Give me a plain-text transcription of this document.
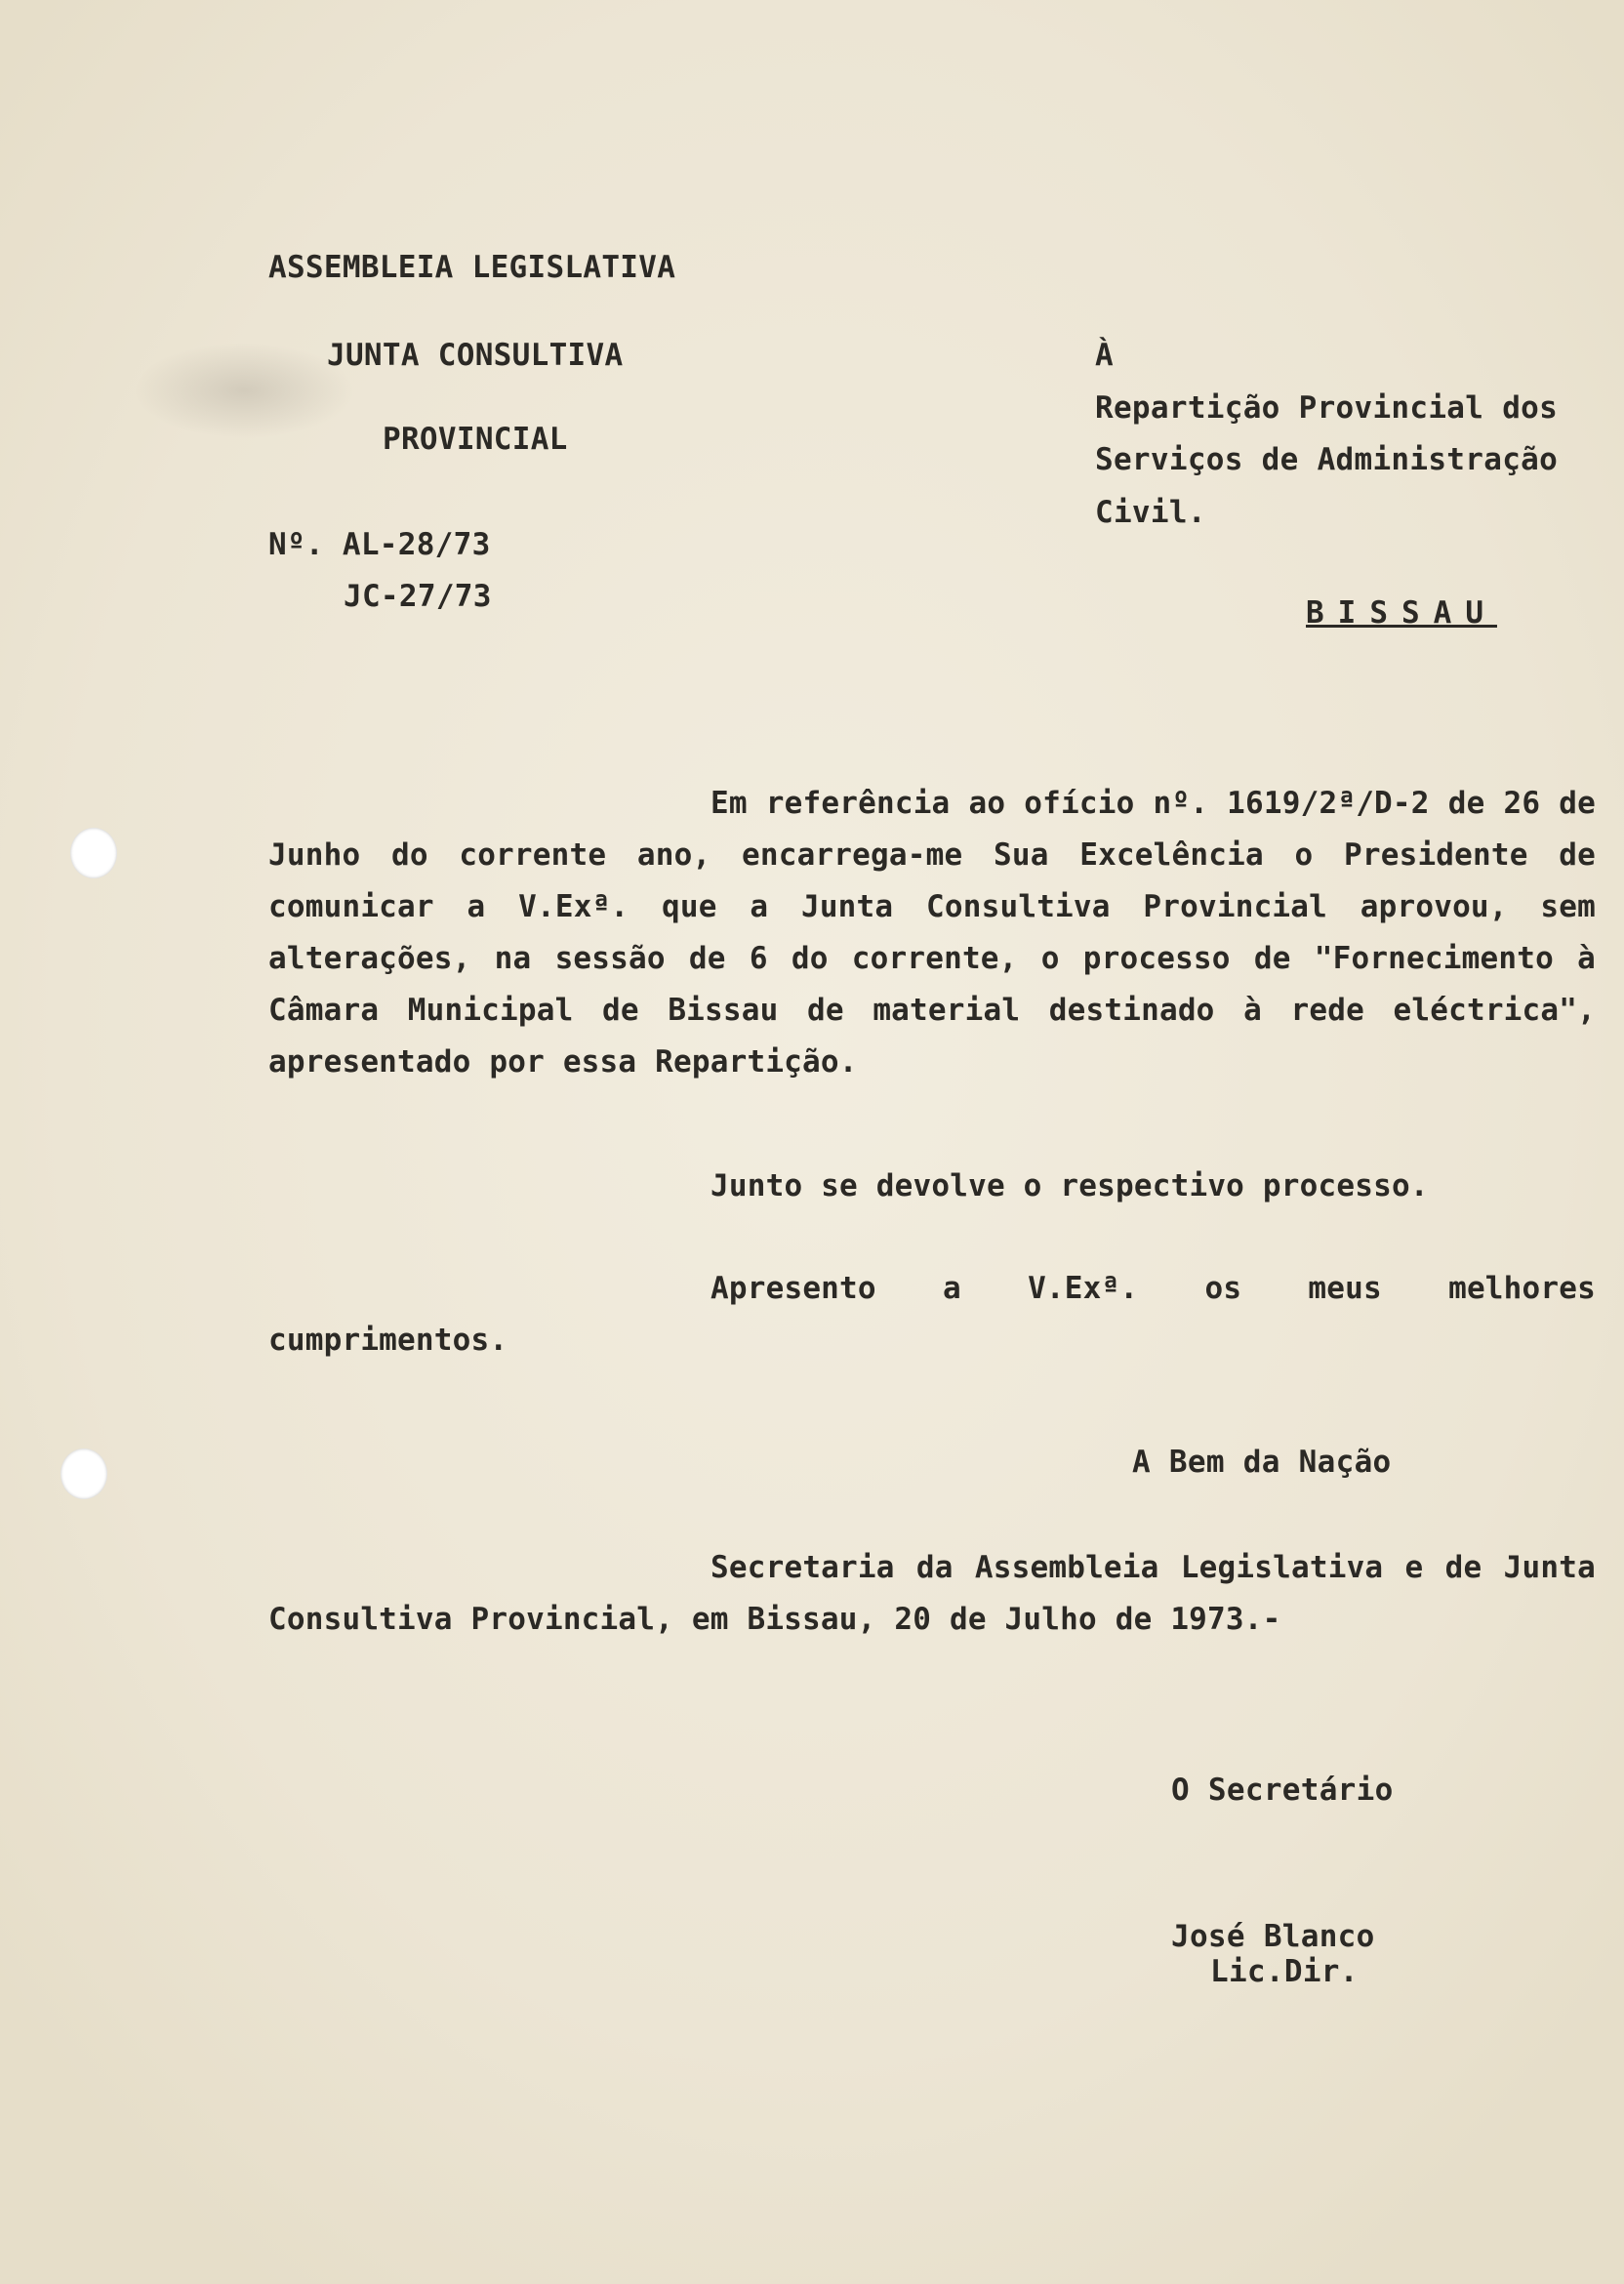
ASSEMBLEIA LEGISLATIVA
JUNTA CONSULTIVA
PROVINCIAL
Nº. AL-28/73
JC-27/73
À
Repartição Provincial dos
Serviços de Administração
Civil.
BISSAU
Em referência ao ofício nº. 1619/2ª/D-2 de 26 de Junho do corrente ano, encarrega-me Sua Excelência o Presidente de comunicar a V.Exª. que a Junta Consultiva Provincial aprovou, sem alterações, na sessão de 6 do corrente, o processo de "Fornecimento à Câmara Municipal de Bissau de material destinado à rede eléctrica", apresentado por essa Repartição.
Junto se devolve o respectivo processo.
Apresento a V.Exª. os meus melhores cumprimentos.
A Bem da Nação
Secretaria da Assembleia Legislativa e de Junta Consultiva Provincial, em Bissau, 20 de Julho de 1973.-
O Secretário
José Blanco
Lic.Dir.
